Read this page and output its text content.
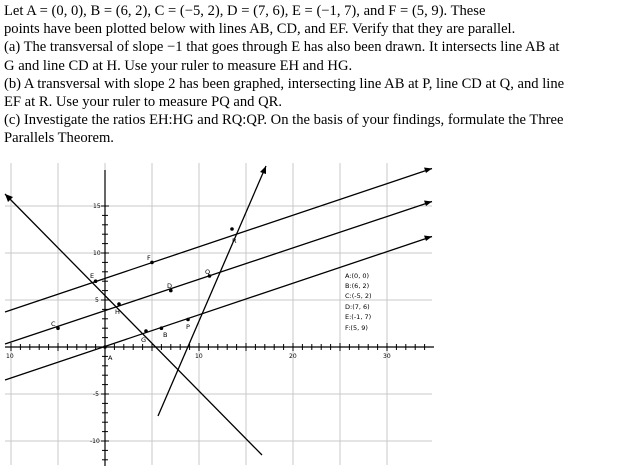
Let A = (0, 0), B = (6, 2), C = (−5, 2), D = (7, 6), E = (−1, 7), and F = (5, 9). These

points have been plotted below with lines AB, CD, and EF. Verify that they are parallel.

(a) The transversal of slope −1 that goes through E has also been drawn. It intersects line AB at

G and line CD at H. Use your ruler to measure EH and HG.

(b) A transversal with slope 2 has been graphed, intersecting line AB at P, line CD at Q, and line

EF at R. Use your ruler to measure PQ and QR.

(c) Investigate the ratios EH:HG and RQ:QP. On the basis of your findings, formulate the Three

Parallels Theorem.

10	10	20	30
15
10
5
-5
-10
A
B
C
D
E
F
G
H
P
Q
R
A:(0, 0)
B:(6, 2)
C:(-5, 2)
D:(7, 6)
E:(-1, 7)
F:(5, 9)
